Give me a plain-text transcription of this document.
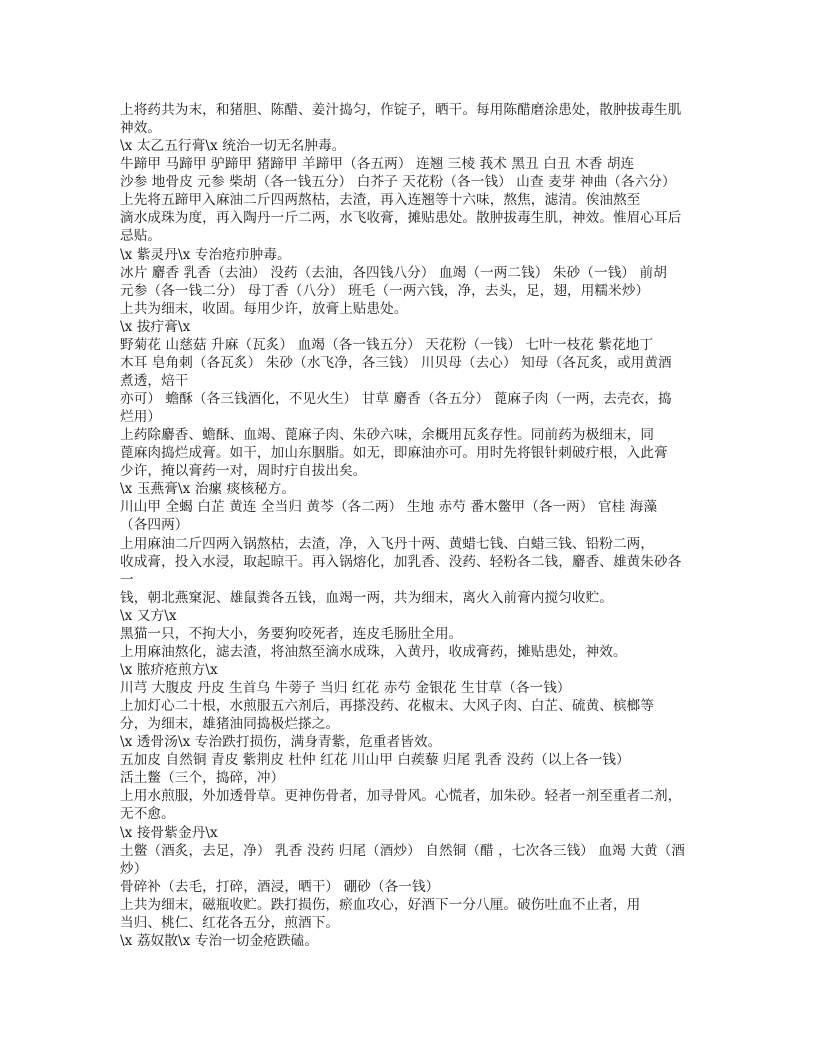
上将药共为末，和猪胆、陈醋、姜汁捣匀，作锭子，晒干。每用陈醋磨涂患处，散肿拔毒生肌
神效。
\x 太乙五行膏\x 统治一切无名肿毒。
牛蹄甲 马蹄甲 驴蹄甲 猪蹄甲 羊蹄甲（各五两） 连翘 三棱 莪术 黑丑 白丑 木香 胡连
沙参 地骨皮 元参 柴胡（各一钱五分） 白芥子 天花粉（各一钱） 山查 麦芽 神曲（各六分）
上先将五蹄甲入麻油二斤四两熬枯，去渣，再入连翘等十六味，熬焦，滤清。俟油熬至
滴水成珠为度，再入陶丹一斤二两，水飞收膏，摊贴患处。散肿拔毒生肌，神效。惟眉心耳后
忌贴。
\x 紫灵丹\x 专治疮疖肿毒。
冰片 麝香 乳香（去油） 没药（去油，各四钱八分） 血竭（一两二钱） 朱砂（一钱） 前胡
元参（各一钱二分） 母丁香（八分） 班毛（一两六钱，净，去头，足，翅，用糯米炒）
上共为细末，收固。每用少许，放膏上贴患处。
\x 拔疔膏\x
野菊花 山慈菇 升麻（瓦炙） 血竭（各一钱五分） 天花粉（一钱） 七叶一枝花 紫花地丁
木耳 皂角刺（各瓦炙） 朱砂（水飞净，各三钱） 川贝母（去心） 知母（各瓦炙，或用黄酒
煮透，焙干
亦可） 蟾酥（各三钱酒化，不见火生） 甘草 麝香（各五分） 蓖麻子肉（一两，去壳衣，捣
烂用）
上药除麝香、蟾酥、血竭、蓖麻子肉、朱砂六味，余概用瓦炙存性。同前药为极细末，同
蓖麻肉捣烂成膏。如干，加山东胭脂。如无，即麻油亦可。用时先将银针刺破疔根，入此膏
少许，掩以膏药一对，周时疔自拔出矣。
\x 玉燕膏\x 治瘰 痰核秘方。
川山甲 全蝎 白芷 黄连 全当归 黄芩（各二两） 生地 赤芍 番木鳖甲（各一两） 官桂 海藻
（各四两）
上用麻油二斤四两入锅熬枯，去渣，净，入飞丹十两、黄蜡七钱、白蜡三钱、铅粉二两，
收成膏，投入水浸，取起晾干。再入锅熔化，加乳香、没药、轻粉各二钱，麝香、雄黄朱砂各
一
钱，朝北燕窠泥、雄鼠粪各五钱，血竭一两，共为细末，离火入前膏内搅匀收贮。
\x 又方\x
黑猫一只，不拘大小，务要狗咬死者，连皮毛肠肚全用。
上用麻油熬化，滤去渣，将油熬至滴水成珠，入黄丹，收成膏药，摊贴患处，神效。
\x 脓疥疮煎方\x
川芎 大腹皮 丹皮 生首乌 牛蒡子 当归 红花 赤芍 金银花 生甘草（各一钱）
上加灯心二十根，水煎服五六剂后，再搽没药、花椒末、大风子肉、白芷、硫黄、槟榔等
分，为细末，雄猪油同捣极烂搽之。
\x 透骨汤\x 专治跌打损伤，满身青紫，危重者皆效。
五加皮 自然铜 青皮 紫荆皮 杜仲 红花 川山甲 白蒺藜 归尾 乳香 没药（以上各一钱）
活土鳖（三个，捣碎，冲）
上用水煎服，外加透骨草。更神伤骨者，加寻骨风。心慌者，加朱砂。轻者一剂至重者二剂，
无不愈。
\x 接骨紫金丹\x
土鳖（酒炙，去足，净） 乳香 没药 归尾（酒炒） 自然铜（醋 ，七次各三钱） 血竭 大黄（酒
炒）
骨碎补（去毛，打碎，酒浸，晒干） 硼砂（各一钱）
上共为细末，磁瓶收贮。跌打损伤，瘀血攻心，好酒下一分八厘。破伤吐血不止者，用
当归、桃仁、红花各五分，煎酒下。
\x 荔奴散\x 专治一切金疮跌磕。
